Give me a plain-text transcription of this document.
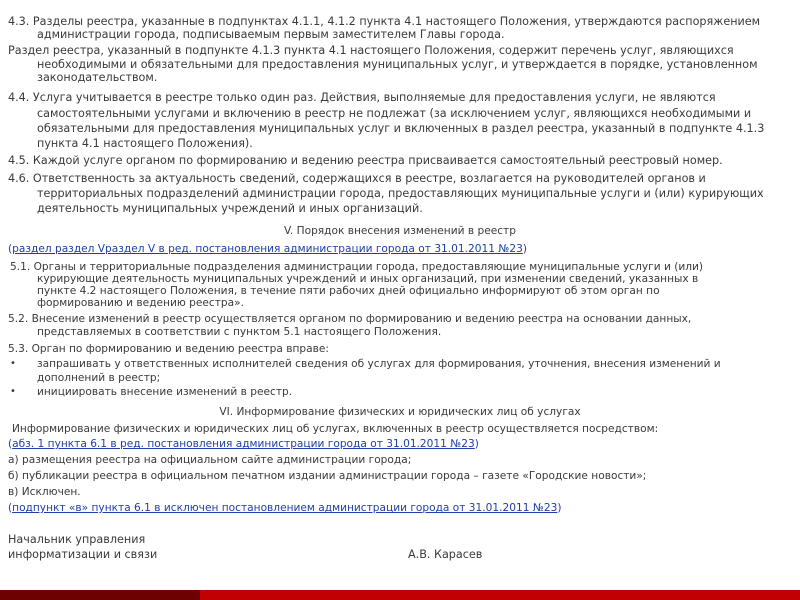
4.3. Разделы реестра, указанные в подпунктах 4.1.1, 4.1.2 пункта 4.1 настоящего Положения, утверждаются распоряжением
администрации города, подписываемым первым заместителем Главы города.
Раздел реестра, указанный в подпункте 4.1.3 пункта 4.1 настоящего Положения, содержит перечень услуг, являющихся
необходимыми и обязательными для предоставления муниципальных услуг, и утверждается в порядке, установленном
законодательством.
4.4. Услуга учитывается в реестре только один раз. Действия, выполняемые для предоставления услуги, не являются
самостоятельными услугами и включению в реестр не подлежат (за исключением услуг, являющихся необходимыми и
обязательными для предоставления муниципальных услуг и включенных в раздел реестра, указанный в подпункте 4.1.3
пункта 4.1 настоящего Положения).
4.5. Каждой услуге органом по формированию и ведению реестра присваивается самостоятельный реестровый номер.
4.6. Ответственность за актуальность сведений, содержащихся в реестре, возлагается на руководителей органов и
территориальных подразделений администрации города, предоставляющих муниципальные услуги и (или) курирующих
деятельность муниципальных учреждений и иных организаций.
V. Порядок внесения изменений в реестр
(раздел раздел Vраздел V в ред. постановления администрации города от 31.01.2011 №23)
5.1. Органы и территориальные подразделения администрации города, предоставляющие муниципальные услуги и (или)
курирующие деятельность муниципальных учреждений и иных организаций, при изменении сведений, указанных в
пункте 4.2 настоящего Положения, в течение пяти рабочих дней официально информируют об этом орган по
формированию и ведению реестра».
5.2. Внесение изменений в реестр осуществляется органом по формированию и ведению реестра на основании данных,
представляемых в соответствии с пунктом 5.1 настоящего Положения.
5.3. Орган по формированию и ведению реестра вправе:
• запрашивать у ответственных исполнителей сведения об услугах для формирования, уточнения, внесения изменений и
дополнений в реестр;
• инициировать внесение изменений в реестр.
VI. Информирование физических и юридических лиц об услугах
Информирование физических и юридических лиц об услугах, включенных в реестр осуществляется посредством:
(абз. 1 пункта 6.1 в ред. постановления администрации города от 31.01.2011 №23)
а) размещения реестра на официальном сайте администрации города;
б) публикации реестра в официальном печатном издании администрации города – газете «Городские новости»;
в) Исключен.
(подпункт «в» пункта 6.1 в исключен постановлением администрации города от 31.01.2011 №23)
Начальник управления
информатизации и связи	А.В. Карасев
